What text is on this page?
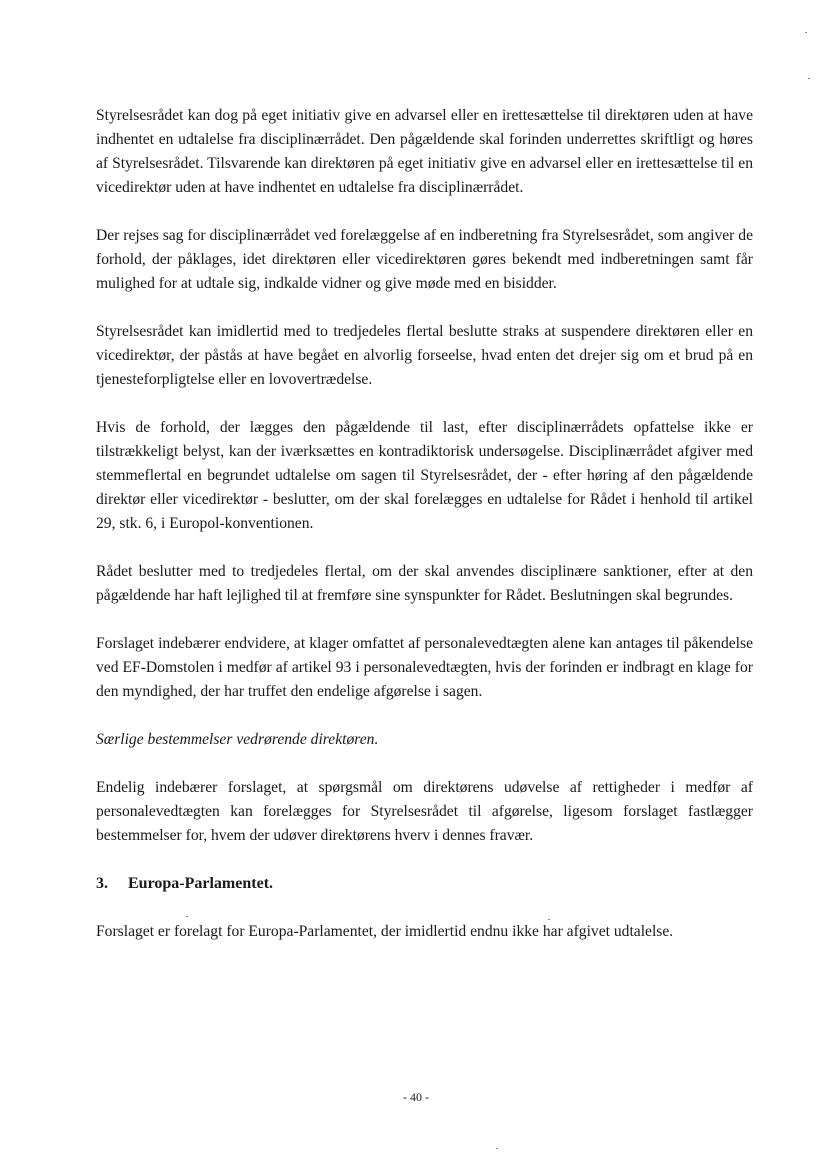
Styrelsesrådet kan dog på eget initiativ give en advarsel eller en irettesættelse til direktøren uden at have indhentet en udtalelse fra disciplinærrådet. Den pågældende skal forinden underrettes skriftligt og høres af Styrelsesrådet. Tilsvarende kan direktøren på eget initiativ give en advarsel eller en irettesættelse til en vicedirektør uden at have indhentet en udtalelse fra disciplinærrådet.

Der rejses sag for disciplinærrådet ved forelæggelse af en indberetning fra Styrelsesrådet, som angiver de forhold, der påklages, idet direktøren eller vicedirektøren gøres bekendt med indberetningen samt får mulighed for at udtale sig, indkalde vidner og give møde med en bisidder.

Styrelsesrådet kan imidlertid med to tredjedeles flertal beslutte straks at suspendere direktøren eller en vicedirektør, der påstås at have begået en alvorlig forseelse, hvad enten det drejer sig om et brud på en tjenesteforpligtelse eller en lovovertrædelse.

Hvis de forhold, der lægges den pågældende til last, efter disciplinærrådets opfattelse ikke er tilstrækkeligt belyst, kan der iværksættes en kontradiktorisk undersøgelse. Disciplinærrådet afgiver med stemmeflertal en begrundet udtalelse om sagen til Styrelsesrådet, der - efter høring af den pågældende direktør eller vicedirektør - beslutter, om der skal forelægges en udtalelse for Rådet i henhold til artikel 29, stk. 6, i Europol-konventionen.

Rådet beslutter med to tredjedeles flertal, om der skal anvendes disciplinære sanktioner, efter at den pågældende har haft lejlighed til at fremføre sine synspunkter for Rådet. Beslutningen skal begrundes.

Forslaget indebærer endvidere, at klager omfattet af personalevedtægten alene kan antages til påkendelse ved EF-Domstolen i medfør af artikel 93 i personalevedtægten, hvis der forinden er indbragt en klage for den myndighed, der har truffet den endelige afgørelse i sagen.

Særlige bestemmelser vedrørende direktøren.

Endelig indebærer forslaget, at spørgsmål om direktørens udøvelse af rettigheder i medfør af personalevedtægten kan forelægges for Styrelsesrådet til afgørelse, ligesom forslaget fastlægger bestemmelser for, hvem der udøver direktørens hverv i dennes fravær.

3.	Europa-Parlamentet.

Forslaget er forelagt for Europa-Parlamentet, der imidlertid endnu ikke har afgivet udtalelse.

- 40 -
